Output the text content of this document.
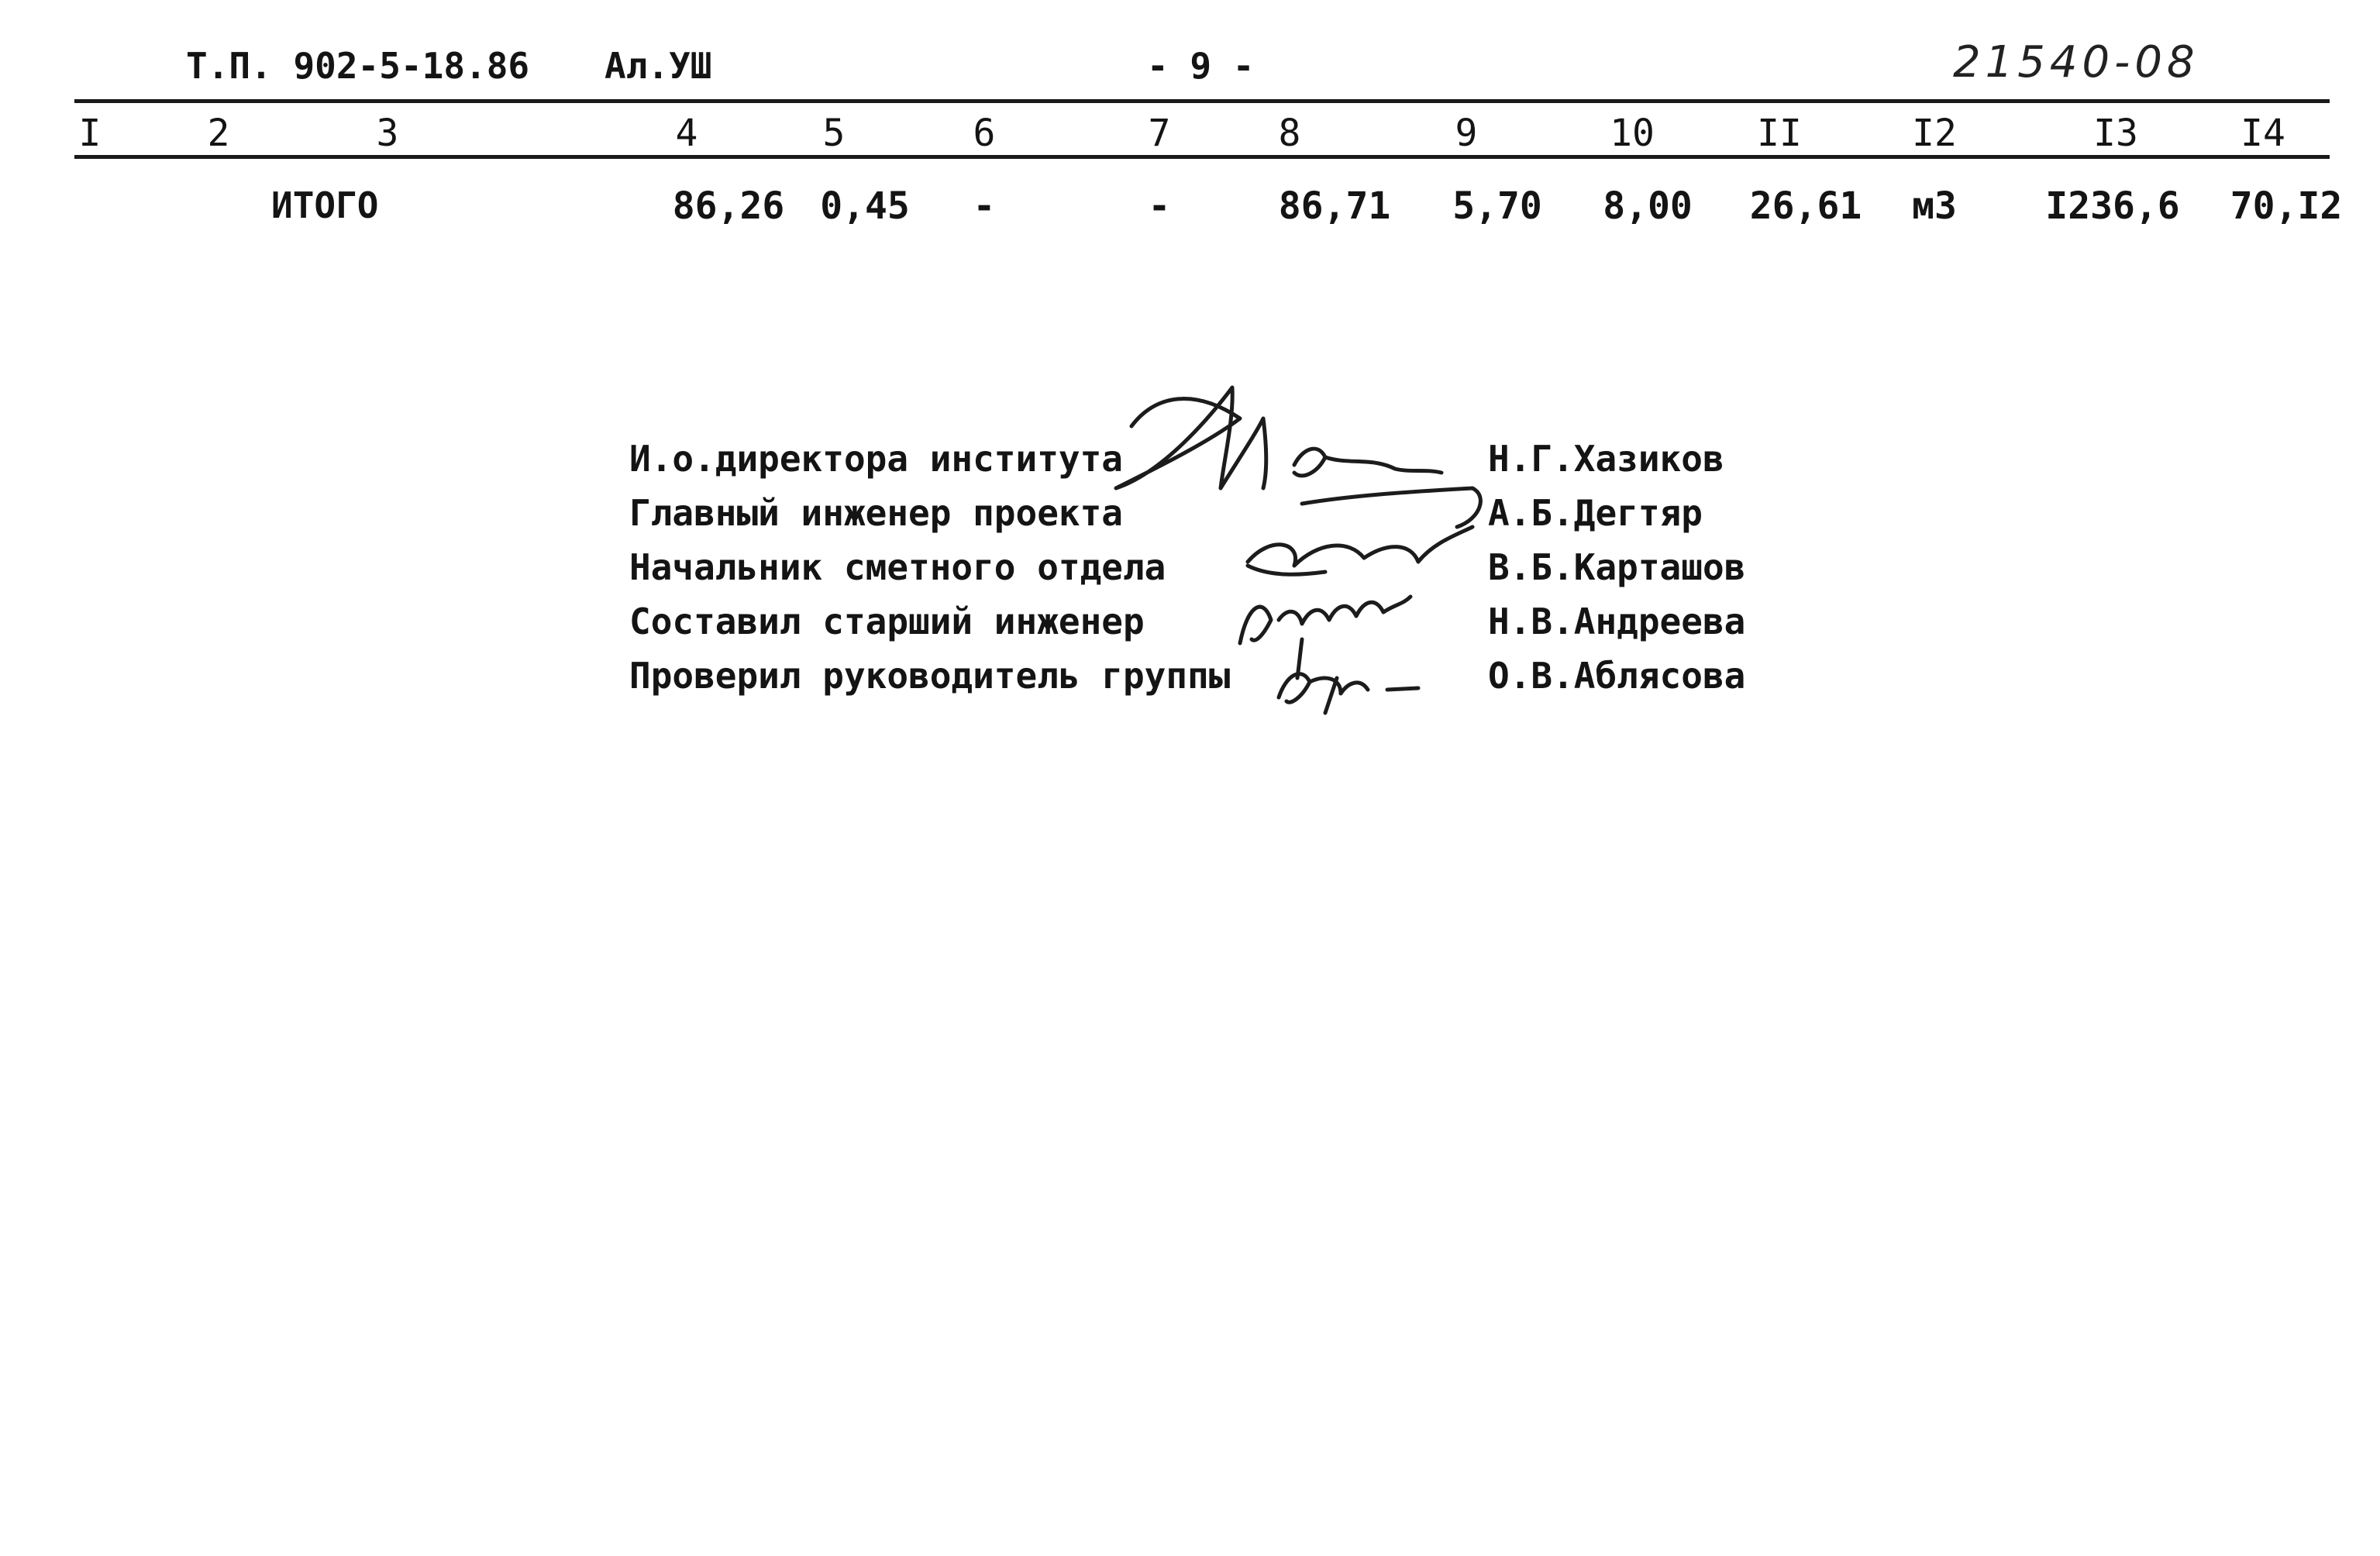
Т.П. 902-5-18.86 Ал.УШ	- 9 -	21540-08
I	2	3	4	5	6	7	8	9	10	II	I2	I3	I4
ИТОГО	86,26 0,45 -	-	86,71 5,70 8,00 26,61 м3 I236,6 70,I2
И.о.директора института	Н.Г.Хазиков
Главный инженер проекта	А.Б.Дегтяр
Начальник сметного отдела	В.Б.Карташов
Составил старший инженер	Н.В.Андреева
Проверил руководитель группы	О.В.Аблясова
